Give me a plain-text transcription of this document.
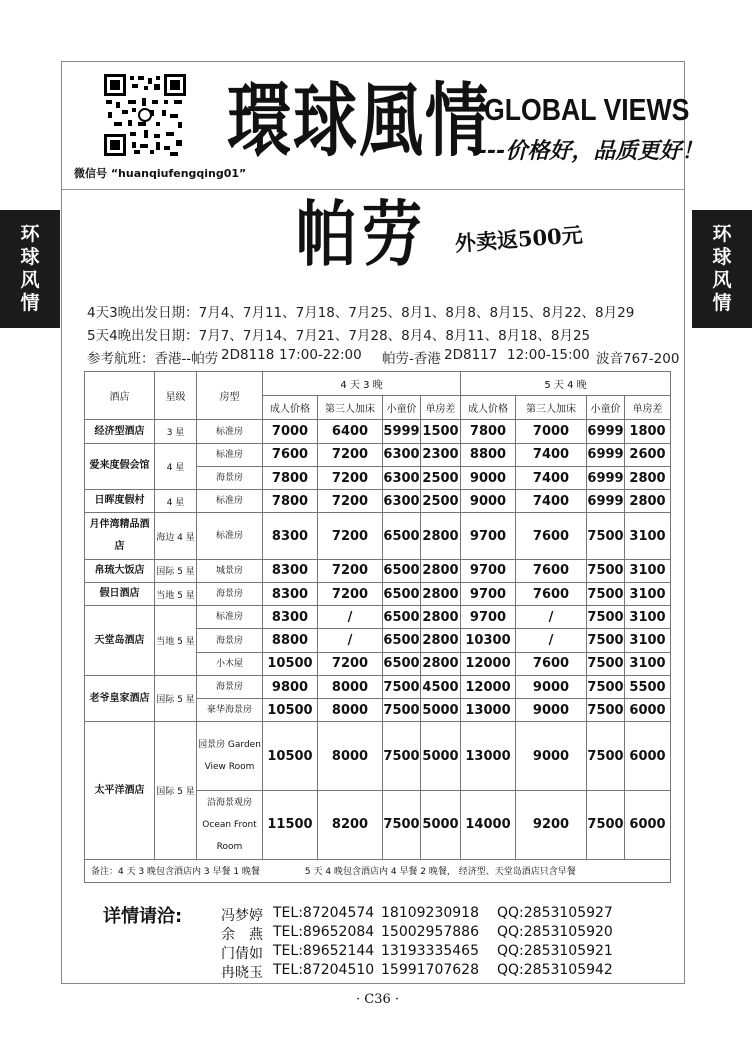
微信号 “huanqiufengqing01”
環球風情
GLOBAL VIEWS
---价格好，品质更好！
环球风情
环球风情
帕劳 外卖返500元
4天3晚出发日期：7月4、7月11、7月18、7月25、8月1、8月8、8月15、8月22、8月29
5天4晚出发日期：7月7、7月14、7月21、7月28、8月4、8月11、8月18、8月25
参考航班：香港--帕劳 2D8118 17:00-22:00 帕劳-香港 2D8117 12:00-15:00 波音767-200
酒店	星级	房型	4 天 3 晚				5 天 4 晚			
			成人价格	第三人加床	小童价	单房差	成人价格	第三人加床	小童价	单房差
经济型酒店	3 星	标准房	7000	6400	5999	1500	7800	7000	6999	1800
爱来度假会馆	4 星	标准房	7600	7200	6300	2300	8800	7400	6999	2600
		海景房	7800	7200	6300	2500	9000	7400	6999	2800
日晖度假村	4 星	标准房	7800	7200	6300	2500	9000	7400	6999	2800
月伴湾精品酒店	海边 4 星	标准房	8300	7200	6500	2800	9700	7600	7500	3100
帛琉大饭店	国际 5 星	城景房	8300	7200	6500	2800	9700	7600	7500	3100
假日酒店	当地 5 星	海景房	8300	7200	6500	2800	9700	7600	7500	3100
天堂岛酒店	当地 5 星	标准房	8300	/	6500	2800	9700	/	7500	3100
		海景房	8800	/	6500	2800	10300	/	7500	3100
		小木屋	10500	7200	6500	2800	12000	7600	7500	3100
老爷皇家酒店	国际 5 星	海景房	9800	8000	7500	4500	12000	9000	7500	5500
		豪华海景房	10500	8000	7500	5000	13000	9000	7500	6000
太平洋酒店	国际 5 星	园景房 Garden View Room	10500	8000	7500	5000	13000	9000	7500	6000
		沿海景观房 Ocean Front Room	11500	8200	7500	5000	14000	9200	7500	6000
备注：4 天 3 晚包含酒店内 3 早餐 1 晚餐　　　　　5 天 4 晚包含酒店内 4 早餐 2 晚餐， 经济型、天堂岛酒店只含早餐										
详情请洽:	冯梦婷 TEL:87204574 18109230918 QQ:2853105927
余　燕 TEL:89652084 15002957886 QQ:2853105920
门倩如 TEL:89652144 13193335465 QQ:2853105921
冉晓玉 TEL:87204510 15991707628 QQ:2853105942
· C36 ·
